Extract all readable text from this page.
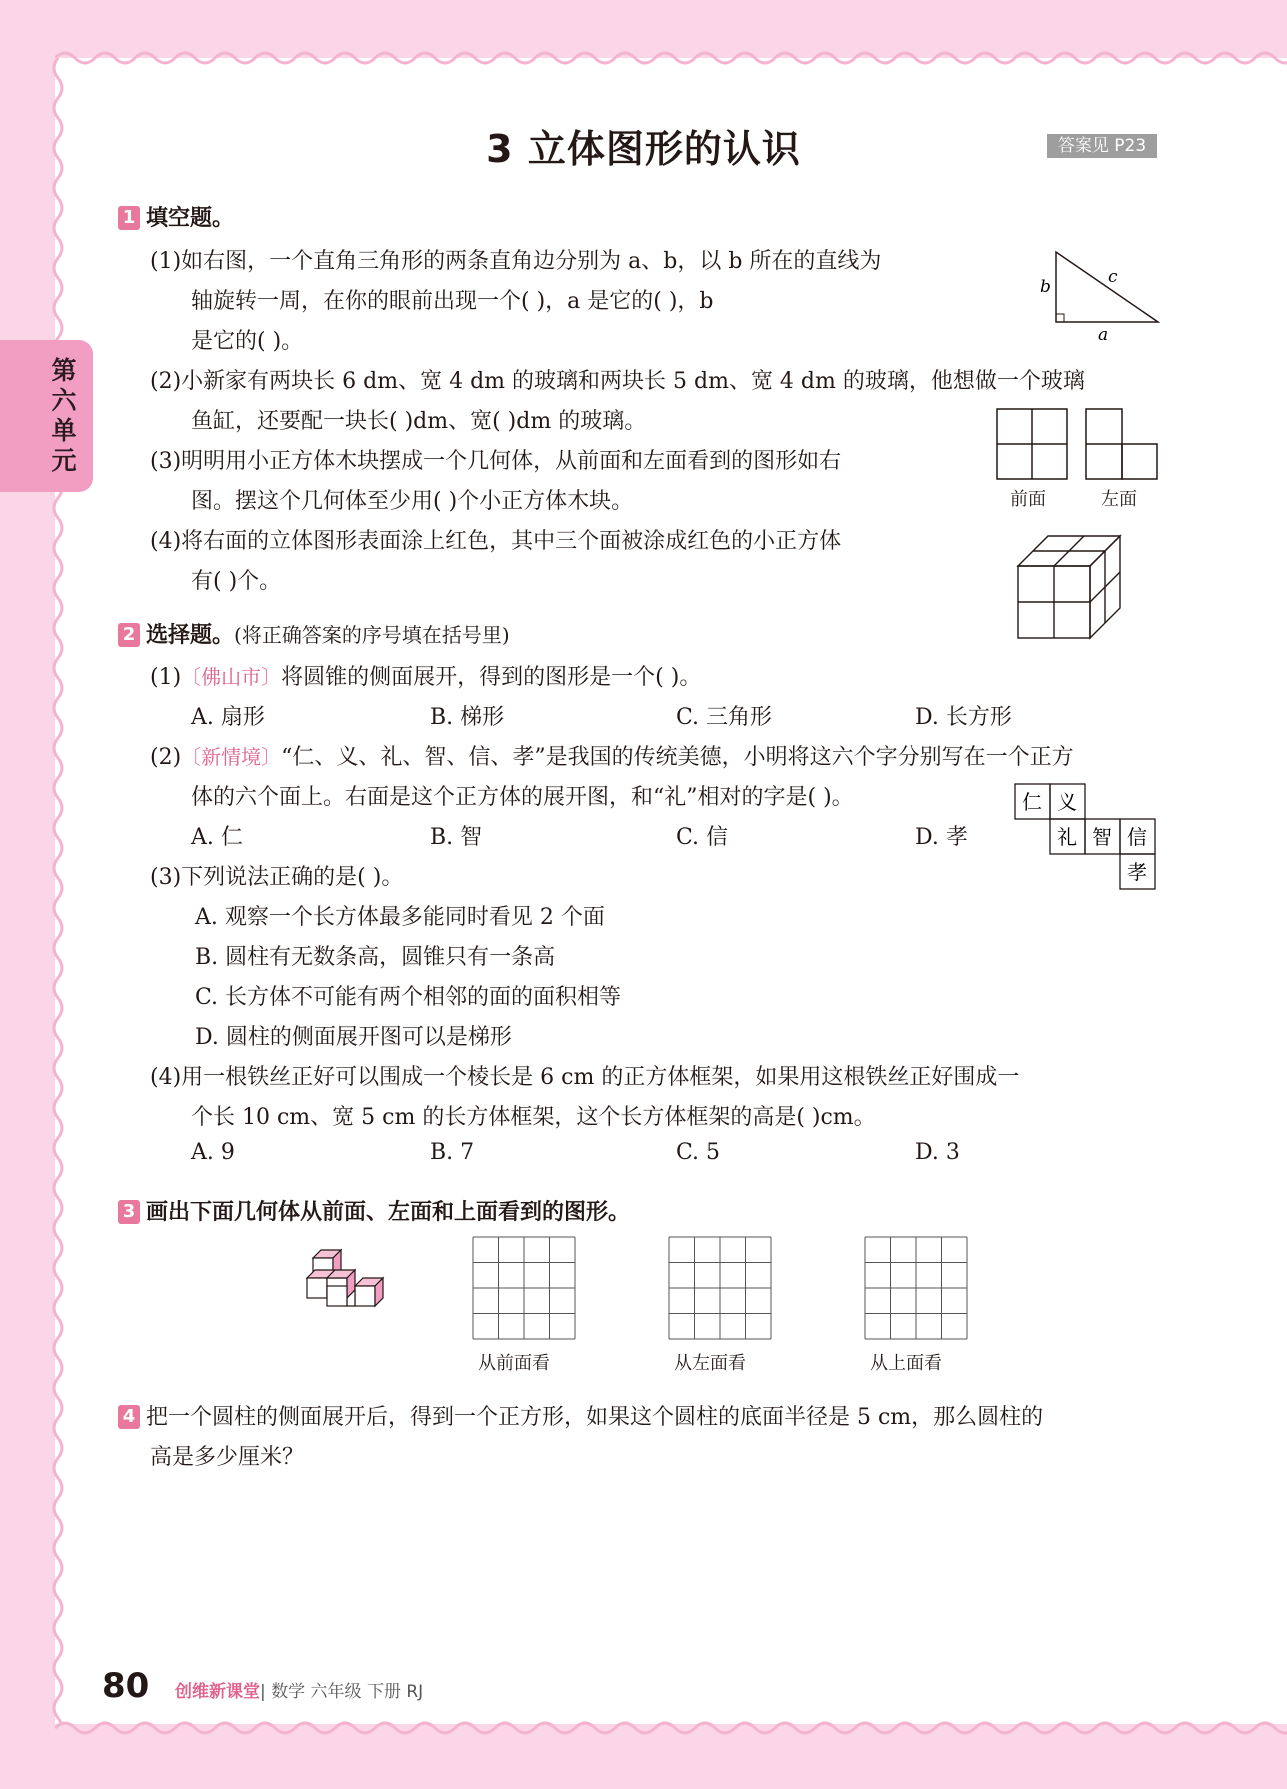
第六单元
3 立体图形的认识	答案见 P23
1 填空题。
(1)如右图，一个直角三角形的两条直角边分别为 a、b，以 b 所在的直线为
轴旋转一周，在你的眼前出现一个( )，a 是它的( )，b
是它的( )。
b	c
a
(2)小新家有两块长 6 dm、宽 4 dm 的玻璃和两块长 5 dm、宽 4 dm 的玻璃，他想做一个玻璃
鱼缸，还要配一块长( )dm、宽( )dm 的玻璃。
(3)明明用小正方体木块摆成一个几何体，从前面和左面看到的图形如右
图。摆这个几何体至少用( )个小正方体木块。	前面	左面
(4)将右面的立体图形表面涂上红色，其中三个面被涂成红色的小正方体
有( )个。
2 选择题。(将正确答案的序号填在括号里)
(1)〔佛山市〕将圆锥的侧面展开，得到的图形是一个( )。
A. 扇形	B. 梯形	C. 三角形	D. 长方形
(2)〔新情境〕“仁、义、礼、智、信、孝”是我国的传统美德，小明将这六个字分别写在一个正方
体的六个面上。右面是这个正方体的展开图，和“礼”相对的字是( )。
A. 仁	B. 智	C. 信	D. 孝
仁 义
礼 智 信
孝
(3)下列说法正确的是( )。
A. 观察一个长方体最多能同时看见 2 个面
B. 圆柱有无数条高，圆锥只有一条高
C. 长方体不可能有两个相邻的面的面积相等
D. 圆柱的侧面展开图可以是梯形
(4)用一根铁丝正好可以围成一个棱长是 6 cm 的正方体框架，如果用这根铁丝正好围成一
个长 10 cm、宽 5 cm 的长方体框架，这个长方体框架的高是( )cm。
A. 9	B. 7	C. 5	D. 3
3 画出下面几何体从前面、左面和上面看到的图形。
从前面看	从左面看	从上面看
4 把一个圆柱的侧面展开后，得到一个正方形，如果这个圆柱的底面半径是 5 cm，那么圆柱的
高是多少厘米？
80 创维新课堂| 数学 六年级 下册 RJ
